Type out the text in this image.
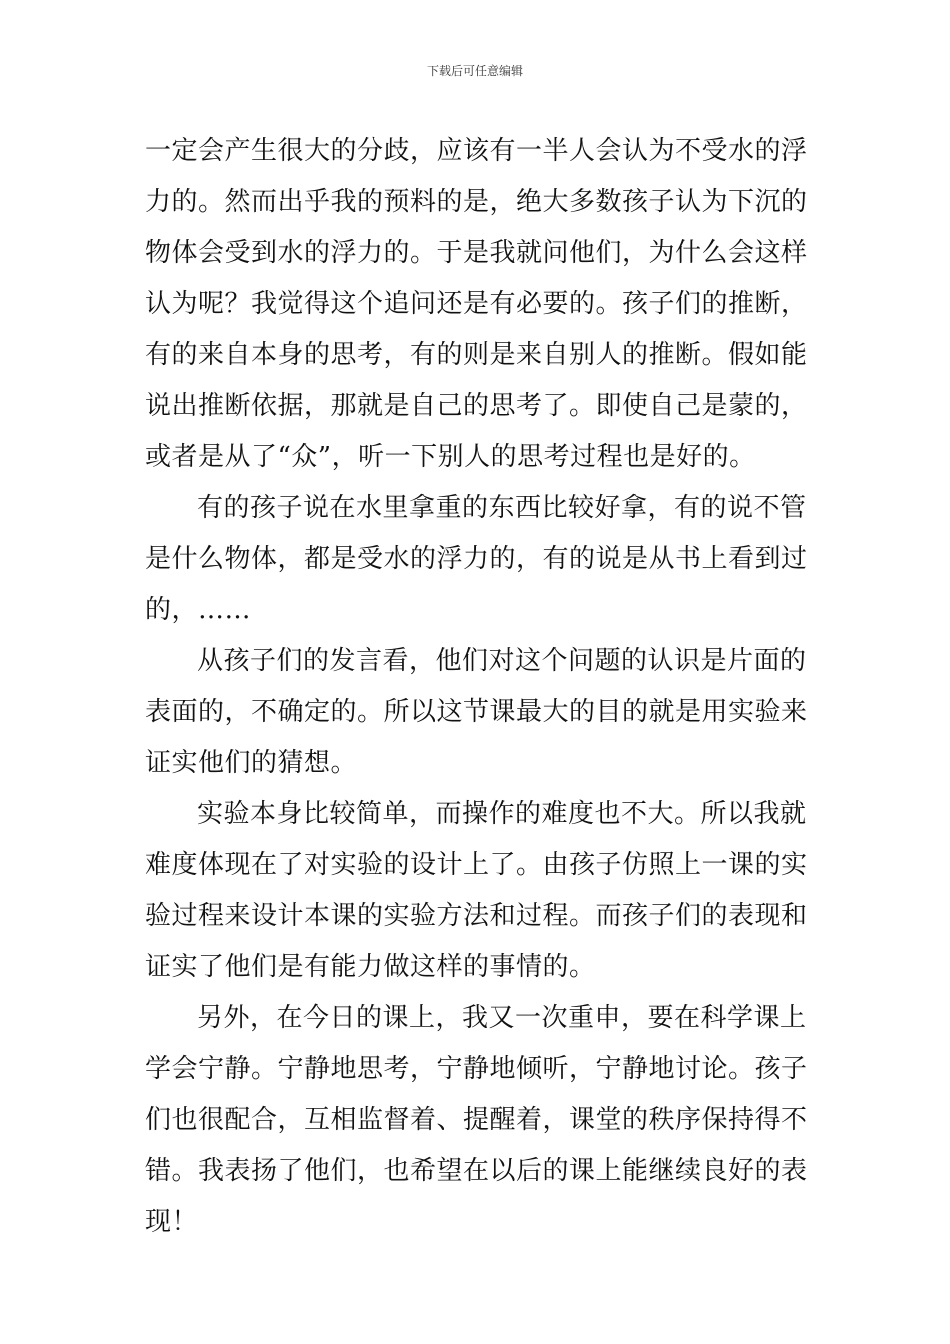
下载后可任意编辑
一定会产生很大的分歧，应该有一半人会认为不受水的浮
力的。然而出乎我的预料的是，绝大多数孩子认为下沉的
物体会受到水的浮力的。于是我就问他们，为什么会这样
认为呢？我觉得这个追问还是有必要的。孩子们的推断，
有的来自本身的思考，有的则是来自别人的推断。假如能
说出推断依据，那就是自己的思考了。即使自己是蒙的，
或者是从了“众”，听一下别人的思考过程也是好的。
有的孩子说在水里拿重的东西比较好拿，有的说不管
是什么物体，都是受水的浮力的，有的说是从书上看到过
的，……
从孩子们的发言看，他们对这个问题的认识是片面的
表面的，不确定的。所以这节课最大的目的就是用实验来
证实他们的猜想。
实验本身比较简单，而操作的难度也不大。所以我就
难度体现在了对实验的设计上了。由孩子仿照上一课的实
验过程来设计本课的实验方法和过程。而孩子们的表现和
证实了他们是有能力做这样的事情的。
另外，在今日的课上，我又一次重申，要在科学课上
学会宁静。宁静地思考，宁静地倾听，宁静地讨论。孩子
们也很配合，互相监督着、提醒着，课堂的秩序保持得不
错。我表扬了他们，也希望在以后的课上能继续良好的表
现！
